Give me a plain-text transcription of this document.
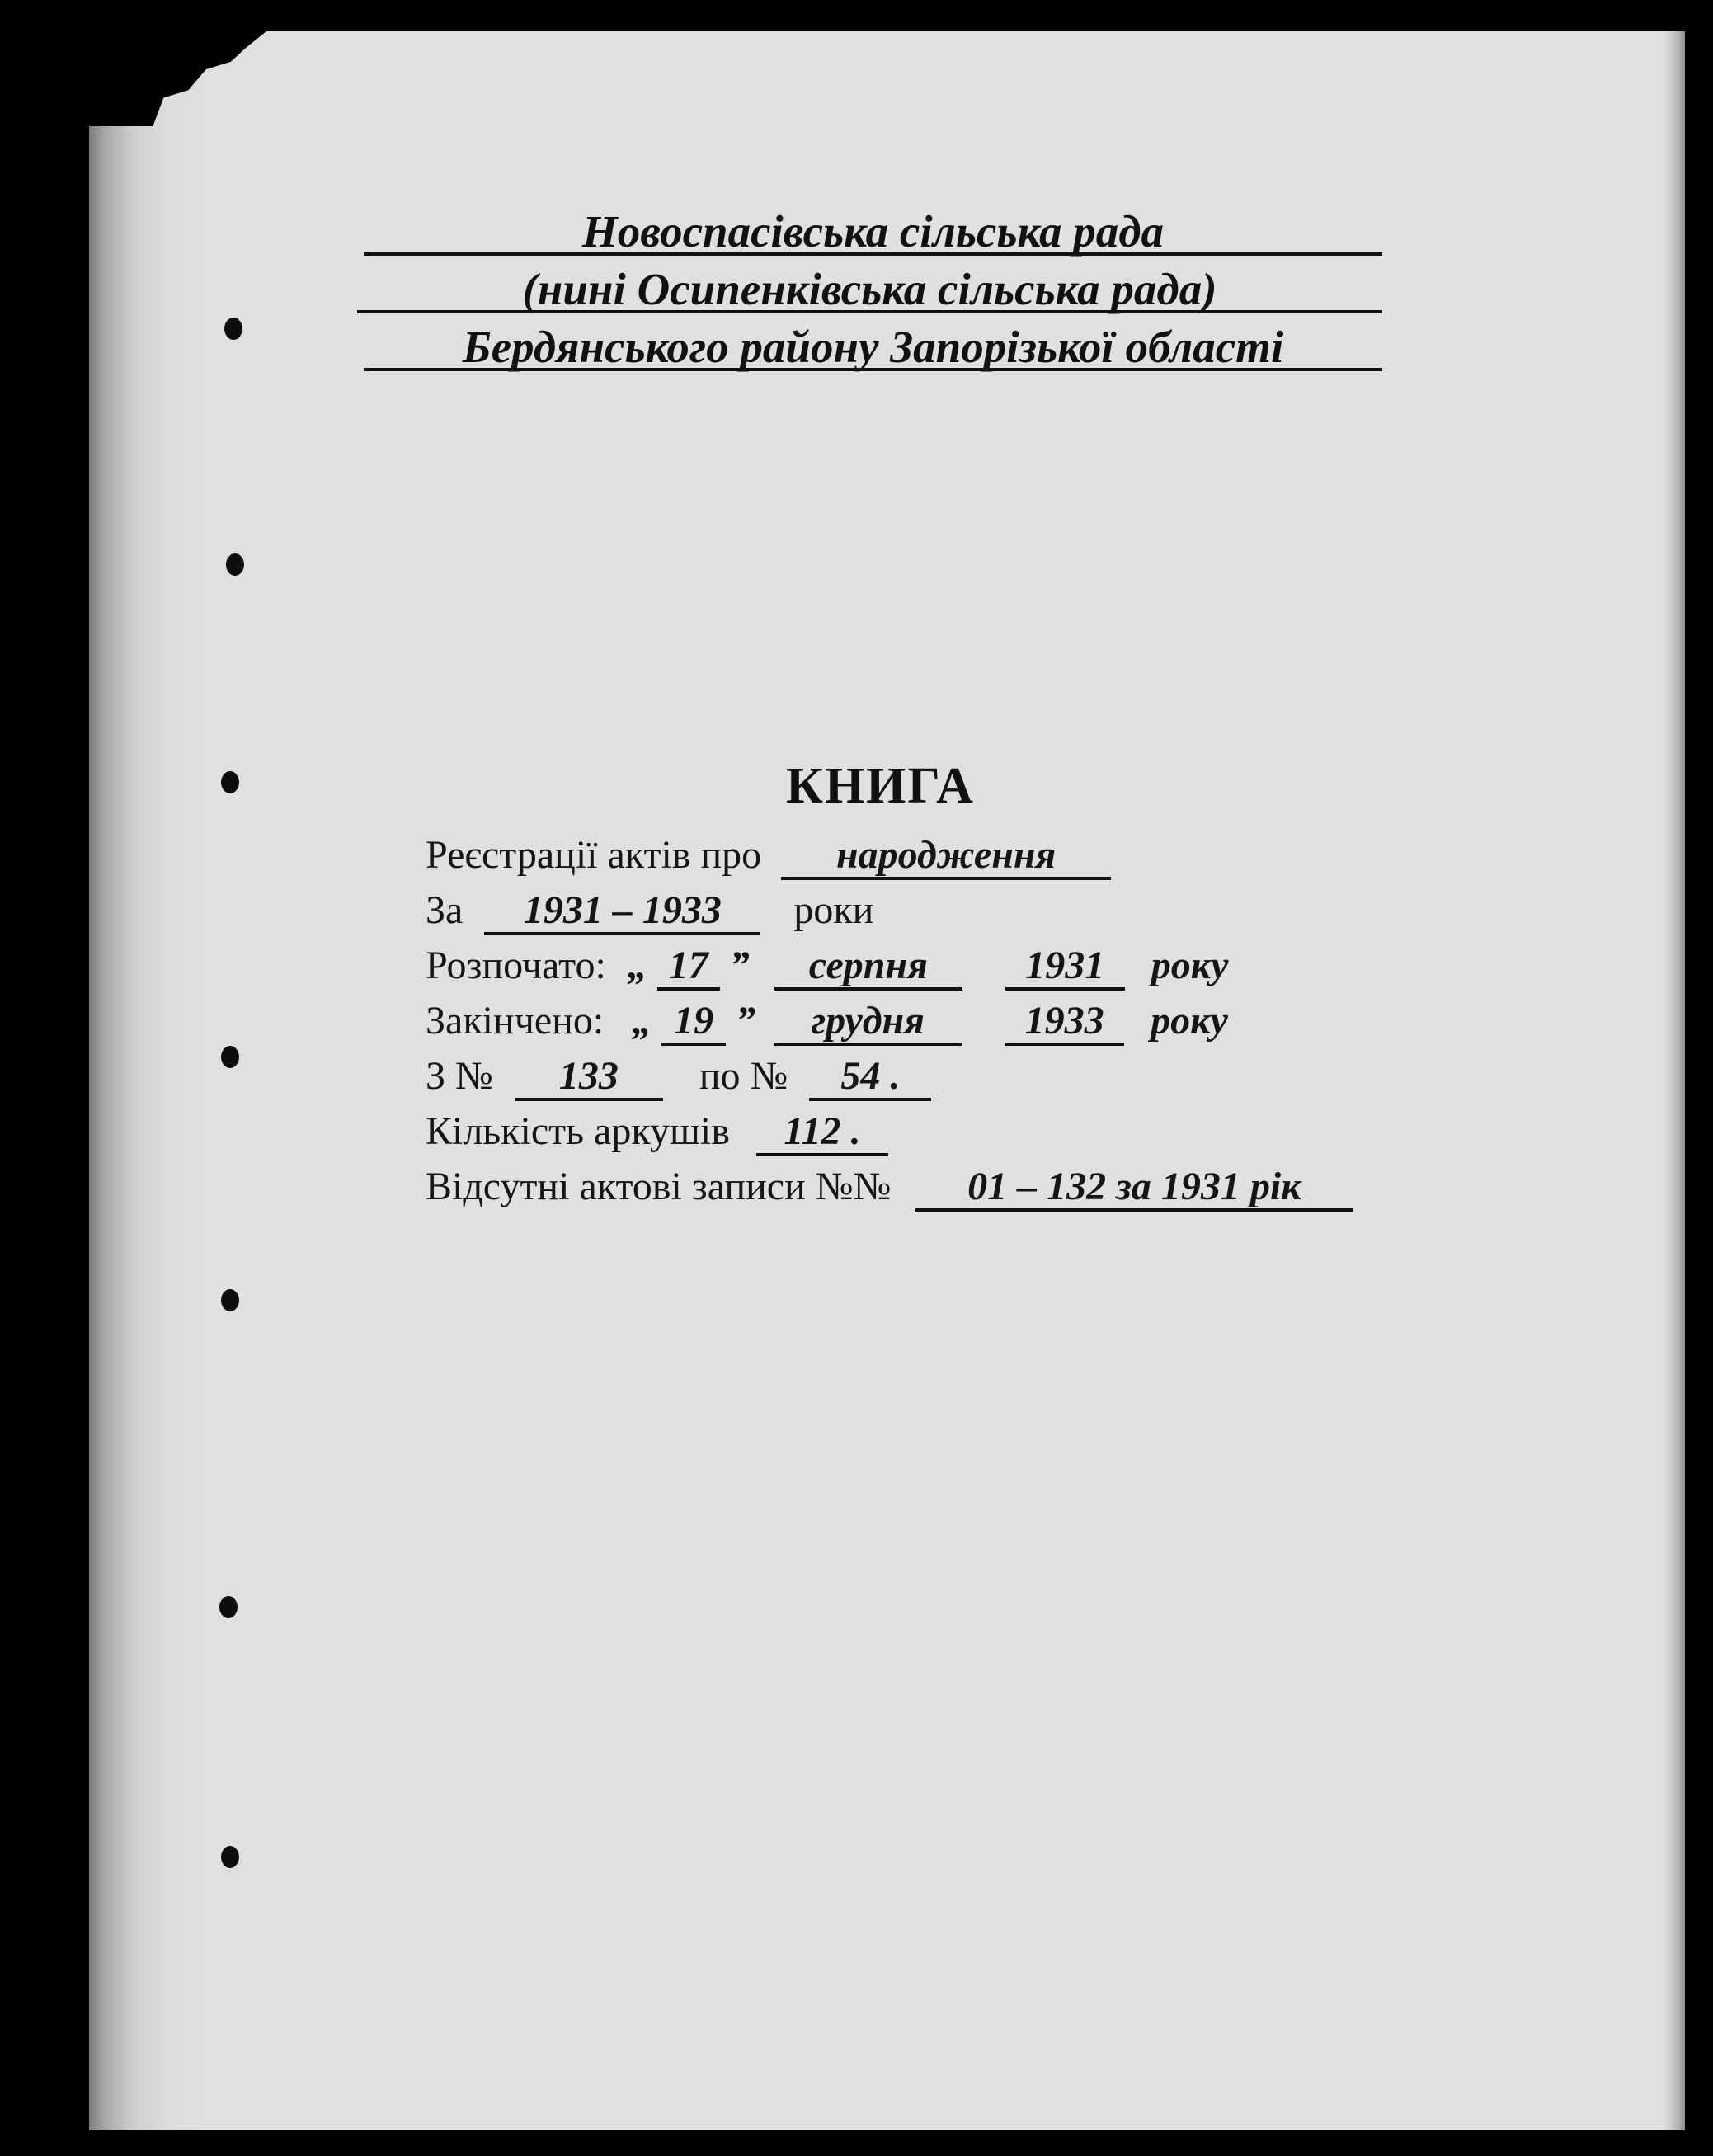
Новоспасівська сільська рада
(нині Осипенківська сільська рада)
Бердянського району Запорізької області
КНИГА
Реєстрації актів про народження
За 1931 – 1933 роки
Розпочато: „ 17 ” серпня 1931 року
Закінчено: „ 19 ” грудня	1933 року
З № 133 по № 54 .
Кількість аркушів 112 .
Відсутні актові записи №№ 01 – 132 за 1931 рік
